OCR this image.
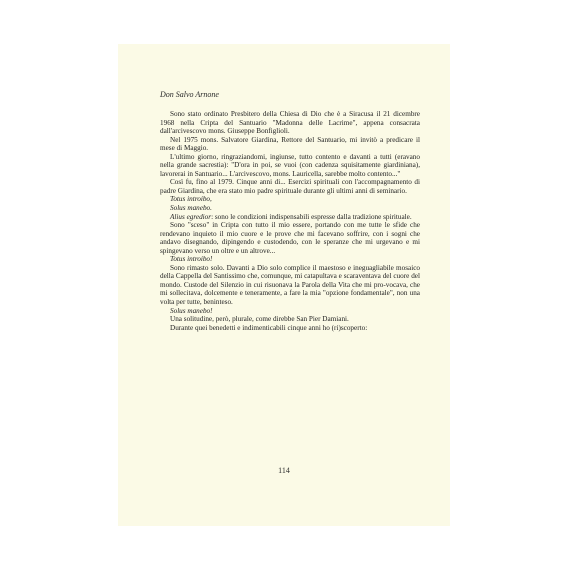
Don Salvo Arnone

Sono stato ordinato Presbitero della Chiesa di Dio che è a Siracusa il 21 dicembre 1968 nella Cripta del Santuario "Madonna delle Lacrime", appena consacrata dall'arcivescovo mons. Giuseppe Bonfiglioli.

Nel 1975 mons. Salvatore Giardina, Rettore del Santuario, mi invitò a predicare il mese di Maggio.

L'ultimo giorno, ringraziandomi, ingiunse, tutto contento e davanti a tutti (eravano nella grande sacrestia): "D'ora in poi, se vuoi (con cadenza squisitamente giardiniana), lavorerai in Santuario... L'arcivescovo, mons. Lauricella, sarebbe molto contento..."

Così fu, fino al 1979. Cinque anni di... Esercizi spirituali con l'accompagnamento di padre Giardina, che era stato mio padre spirituale durante gli ultimi anni di seminario.

Totus introibo,

Solus manebo.

Alius egredior: sono le condizioni indispensabili espresse dalla tradizione spirituale.

Sono "sceso" in Cripta con tutto il mio essere, portando con me tutte le sfide che rendevano inquieto il mio cuore e le prove che mi facevano soffrire, con i sogni che andavo disegnando, dipingendo e custodendo, con le speranze che mi urgevano e mi spingevano verso un oltre e un altrove...

Totus introibo!

Sono rimasto solo. Davanti a Dio solo complice il maestoso e ineguagliabile mosaico della Cappella del Santissimo che, comunque, mi catapultava e scaraventava del cuore del mondo. Custode del Silenzio in cui risuonava la Parola della Vita che mi pro-vocava, che mi sollecitava, dolcemente e teneramente, a fare la mia "opzione fondamentale", non una volta per tutte, beninteso.

Solus manebo!

Una solitudine, però, plurale, come direbbe San Pier Damiani.

Durante quei benedetti e indimenticabili cinque anni ho (ri)scoperto:

114
